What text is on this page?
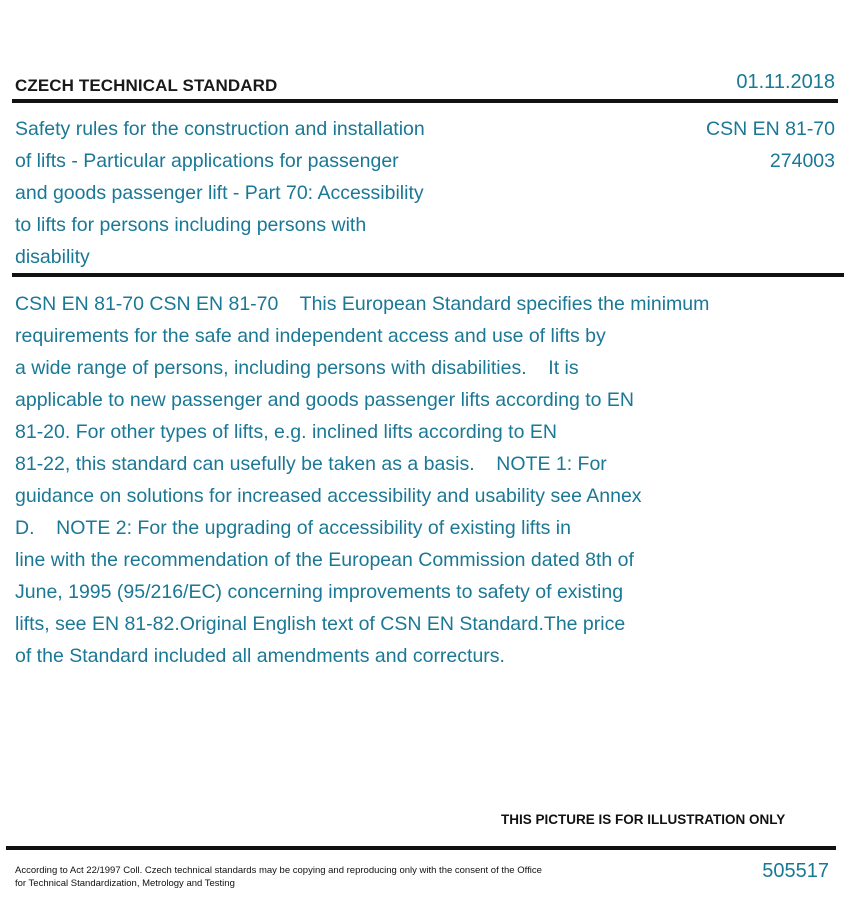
CZECH TECHNICAL STANDARD	01.11.2018
Safety rules for the construction and installation
of lifts - Particular applications for passenger
and goods passenger lift - Part 70: Accessibility
to lifts for persons including persons with
disability
CSN EN 81-70
274003
CSN EN 81-70 CSN EN 81-70    This European Standard specifies the minimum
requirements for the safe and independent access and use of lifts by
a wide range of persons, including persons with disabilities.    It is
applicable to new passenger and goods passenger lifts according to EN
81-20. For other types of lifts, e.g. inclined lifts according to EN
81-22, this standard can usefully be taken as a basis.    NOTE 1: For
guidance on solutions for increased accessibility and usability see Annex
D.    NOTE 2: For the upgrading of accessibility of existing lifts in
line with the recommendation of the European Commission dated 8th of
June, 1995 (95/216/EC) concerning improvements to safety of existing
lifts, see EN 81-82.Original English text of CSN EN Standard.The price
of the Standard included all amendments and correcturs.
THIS PICTURE IS FOR ILLUSTRATION ONLY
According to Act 22/1997 Coll. Czech technical standards may be copying and reproducing only with the consent of the Office
for Technical Standardization, Metrology and Testing
505517
